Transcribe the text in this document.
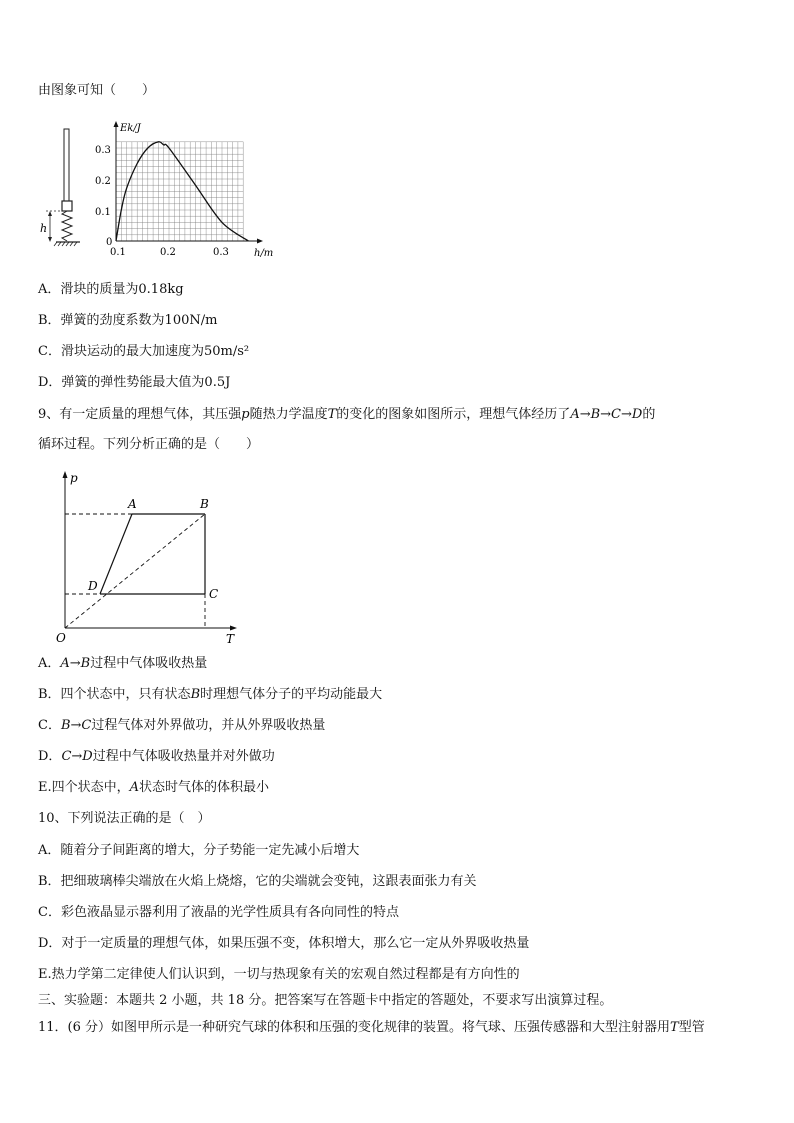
由图象可知（　　）
h
Ek/J
h/m
0
0.3
0.2
0.1
0.1	0.2	0.3
A．滑块的质量为0.18kg
B．弹簧的劲度系数为100N/m
C．滑块运动的最大加速度为50m/s²
D．弹簧的弹性势能最大值为0.5J
9、有一定质量的理想气体，其压强p随热力学温度T的变化的图象如图所示，理想气体经历了A→B→C→D的
循环过程。下列分析正确的是（　　）
p
T
O
A	B
C
D
A．A→B过程中气体吸收热量
B．四个状态中，只有状态B时理想气体分子的平均动能最大
C．B→C过程气体对外界做功，并从外界吸收热量
D．C→D过程中气体吸收热量并对外做功
E.四个状态中，A状态时气体的体积最小
10、下列说法正确的是（　）
A．随着分子间距离的增大，分子势能一定先减小后增大
B．把细玻璃棒尖端放在火焰上烧熔，它的尖端就会变钝，这跟表面张力有关
C．彩色液晶显示器利用了液晶的光学性质具有各向同性的特点
D．对于一定质量的理想气体，如果压强不变，体积增大，那么它一定从外界吸收热量
E.热力学第二定律使人们认识到，一切与热现象有关的宏观自然过程都是有方向性的
三、实验题：本题共 2 小题，共 18 分。把答案写在答题卡中指定的答题处，不要求写出演算过程。
11．(6 分）如图甲所示是一种研究气球的体积和压强的变化规律的装置。将气球、压强传感器和大型注射器用T型管
